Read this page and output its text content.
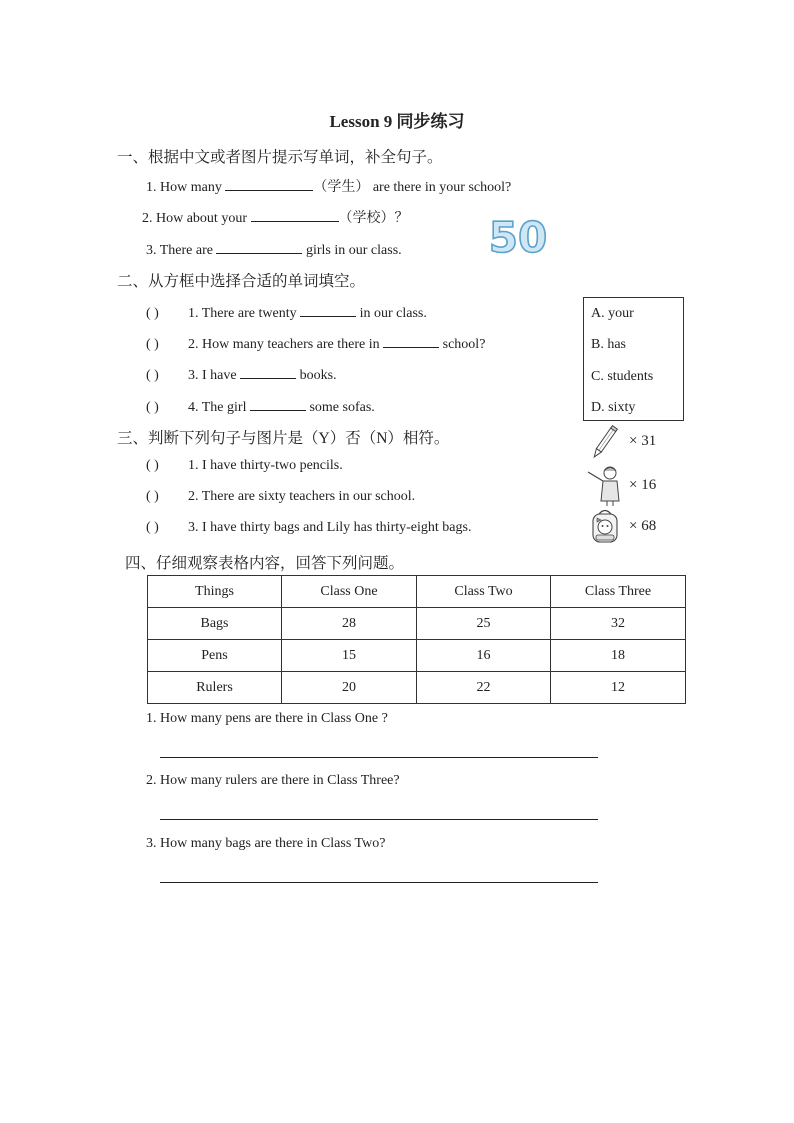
Lesson 9 同步练习
一、根据中文或者图片提示写单词，补全句子。
1. How many	（学生） are there in your school?
2. How about your	（学校）？
3. There are	girls in our class. 50
二、从方框中选择合适的单词填空。
( ) 1. There are twenty	in our class.
( ) 2. How many teachers are there in	school?
( ) 3. I have	books.
( ) 4. The girl	some sofas.
A. your
B. has
C. students
D. sixty
三、判断下列句子与图片是（Y）否（N）相符。
( ) 1. I have thirty-two pencils.
( ) 2. There are sixty teachers in our school.
( ) 3. I have thirty bags and Lily has thirty-eight bags.
× 31
× 16
× 68
四、仔细观察表格内容，回答下列问题。
Things	Class One	Class Two	Class Three
Bags	28	25	32
Pens	15	16	18
Rulers	20	22	12
1. How many pens are there in Class One ?
2. How many rulers are there in Class Three?
3. How many bags are there in Class Two?
